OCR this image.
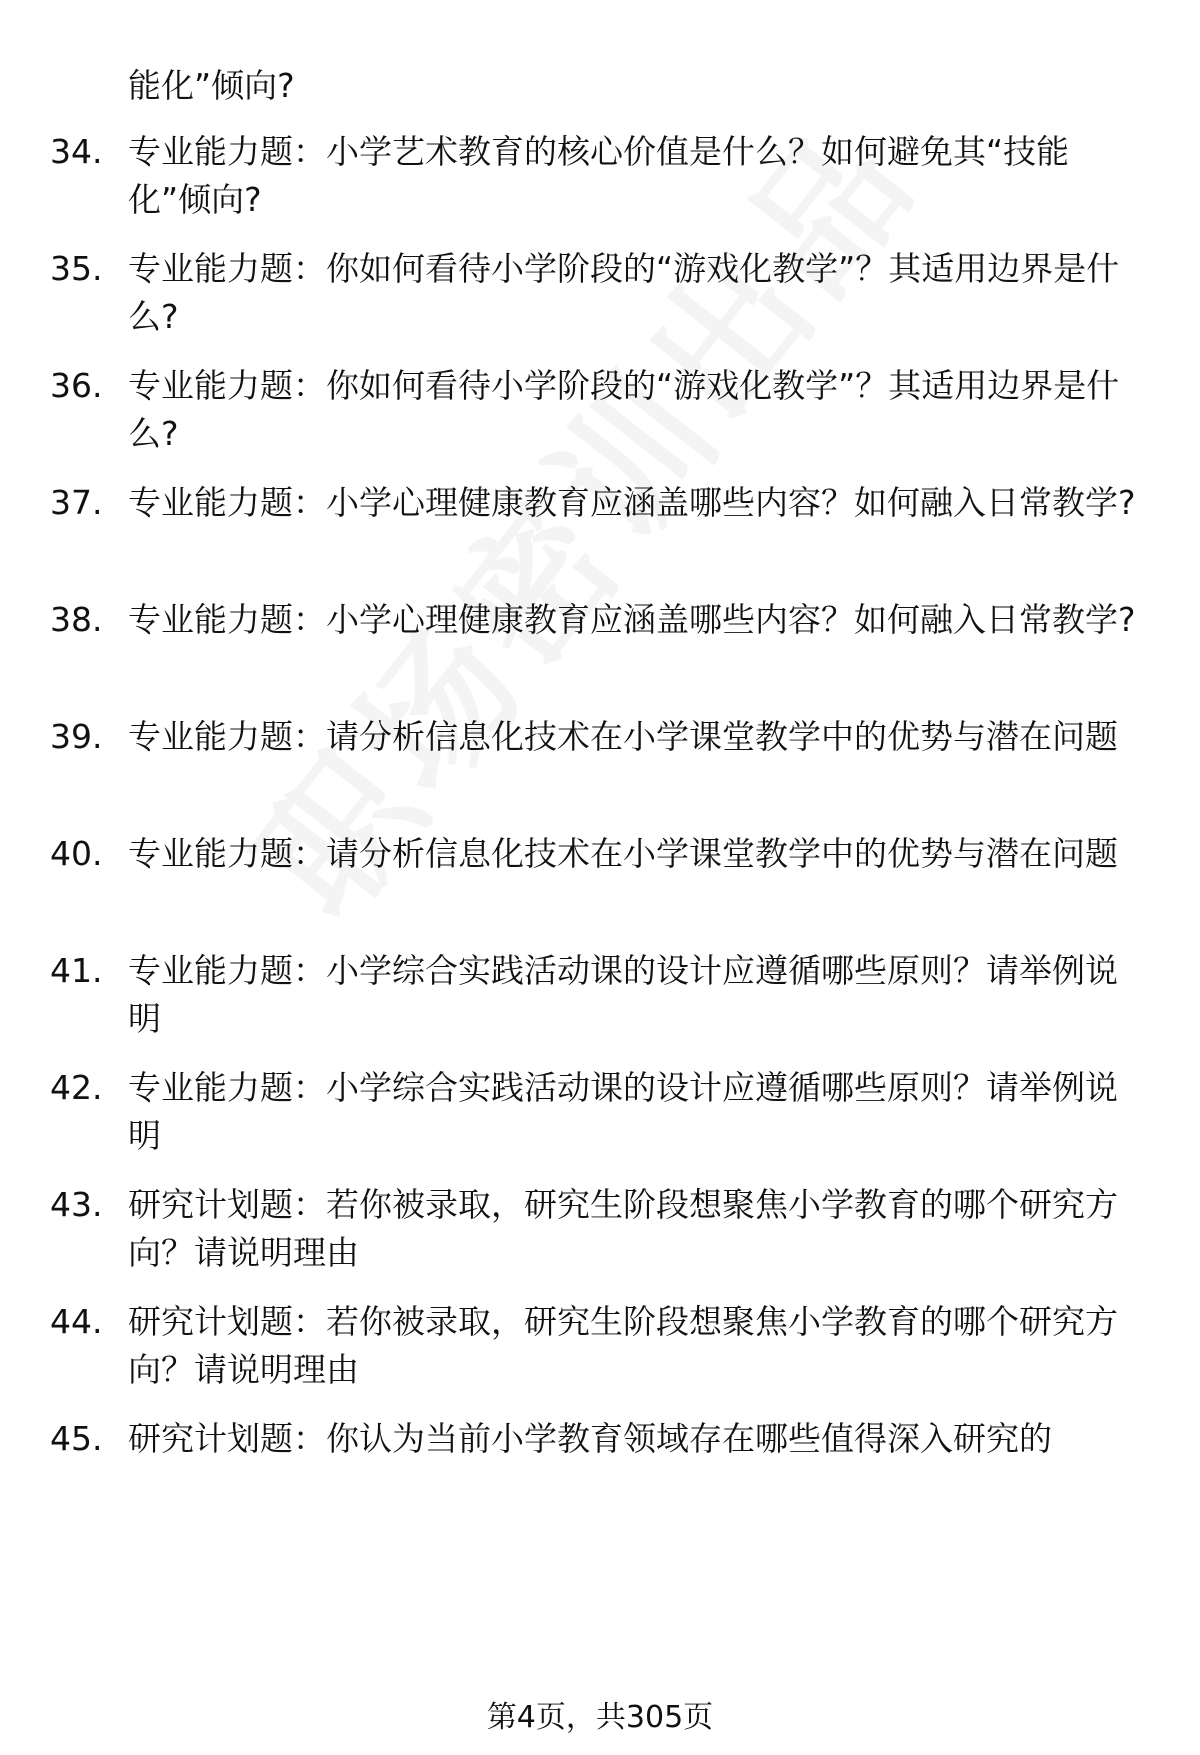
能化”倾向?
34. 专业能力题：小学艺术教育的核心价值是什么？如何避免其“技能化”倾向?
35. 专业能力题：你如何看待小学阶段的“游戏化教学”？其适用边界是什么?
36. 专业能力题：你如何看待小学阶段的“游戏化教学”？其适用边界是什么?
37. 专业能力题：小学心理健康教育应涵盖哪些内容？如何融入日常教学?
38. 专业能力题：小学心理健康教育应涵盖哪些内容？如何融入日常教学?
39. 专业能力题：请分析信息化技术在小学课堂教学中的优势与潜在问题
40. 专业能力题：请分析信息化技术在小学课堂教学中的优势与潜在问题
41. 专业能力题：小学综合实践活动课的设计应遵循哪些原则？请举例说明
42. 专业能力题：小学综合实践活动课的设计应遵循哪些原则？请举例说明
43. 研究计划题：若你被录取，研究生阶段想聚焦小学教育的哪个研究方向？请说明理由
44. 研究计划题：若你被录取，研究生阶段想聚焦小学教育的哪个研究方向？请说明理由
45. 研究计划题：你认为当前小学教育领域存在哪些值得深入研究的
第4页，共305页
